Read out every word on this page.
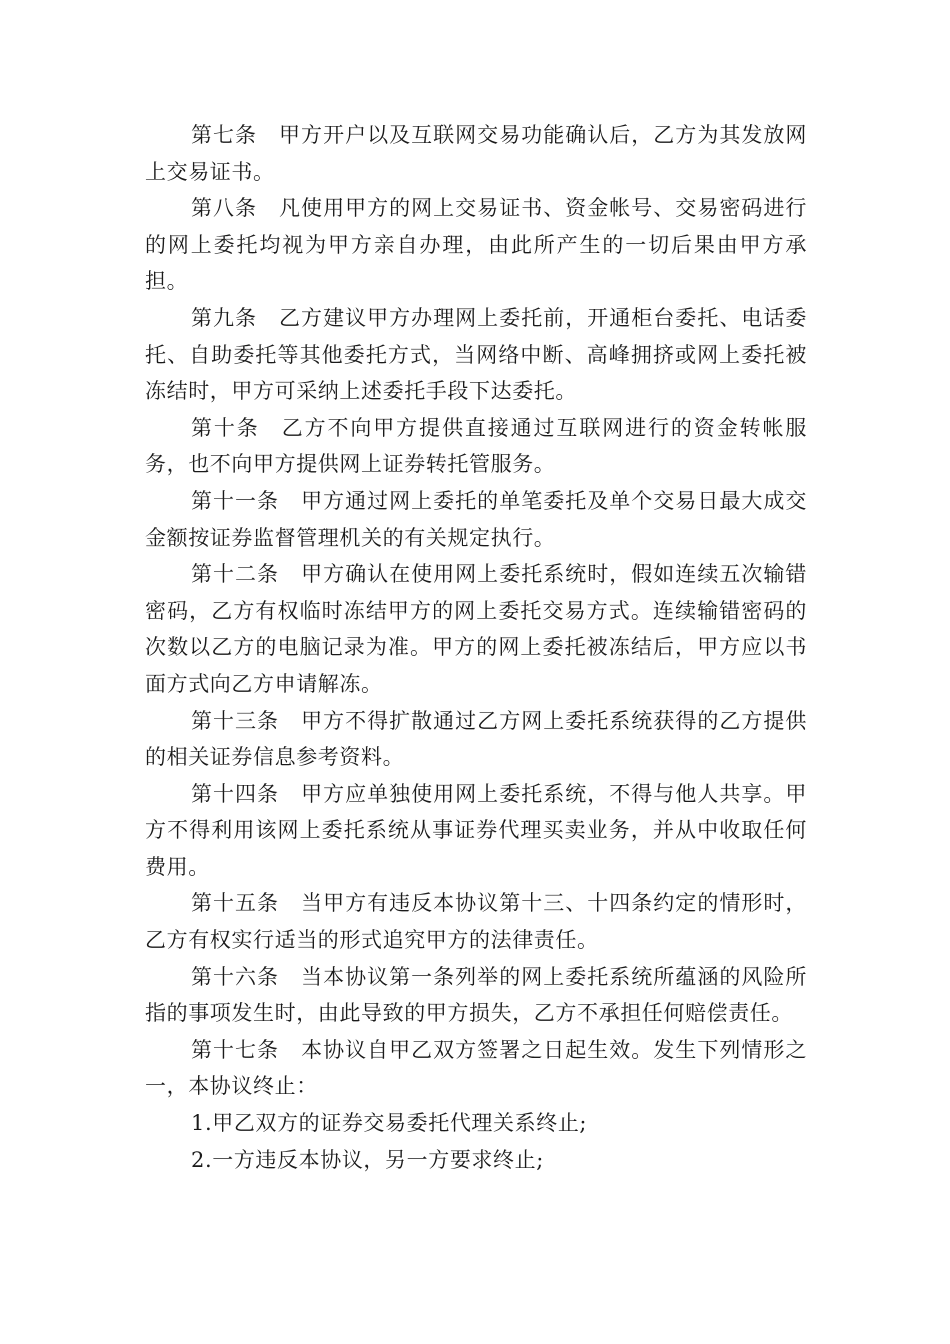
第七条 甲方开户以及互联网交易功能确认后，乙方为其发放网上交易证书。

第八条 凡使用甲方的网上交易证书、资金帐号、交易密码进行的网上委托均视为甲方亲自办理，由此所产生的一切后果由甲方承担。

第九条 乙方建议甲方办理网上委托前，开通柜台委托、电话委托、自助委托等其他委托方式，当网络中断、高峰拥挤或网上委托被冻结时，甲方可采纳上述委托手段下达委托。

第十条 乙方不向甲方提供直接通过互联网进行的资金转帐服务，也不向甲方提供网上证券转托管服务。

第十一条 甲方通过网上委托的单笔委托及单个交易日最大成交金额按证券监督管理机关的有关规定执行。

第十二条 甲方确认在使用网上委托系统时，假如连续五次输错密码，乙方有权临时冻结甲方的网上委托交易方式。连续输错密码的次数以乙方的电脑记录为准。甲方的网上委托被冻结后，甲方应以书面方式向乙方申请解冻。

第十三条 甲方不得扩散通过乙方网上委托系统获得的乙方提供的相关证券信息参考资料。

第十四条 甲方应单独使用网上委托系统，不得与他人共享。甲方不得利用该网上委托系统从事证券代理买卖业务，并从中收取任何费用。

第十五条 当甲方有违反本协议第十三、十四条约定的情形时，乙方有权实行适当的形式追究甲方的法律责任。

第十六条 当本协议第一条列举的网上委托系统所蕴涵的风险所指的事项发生时，由此导致的甲方损失，乙方不承担任何赔偿责任。

第十七条 本协议自甲乙双方签署之日起生效。发生下列情形之一，本协议终止：

1.甲乙双方的证券交易委托代理关系终止;

2.一方违反本协议，另一方要求终止;
